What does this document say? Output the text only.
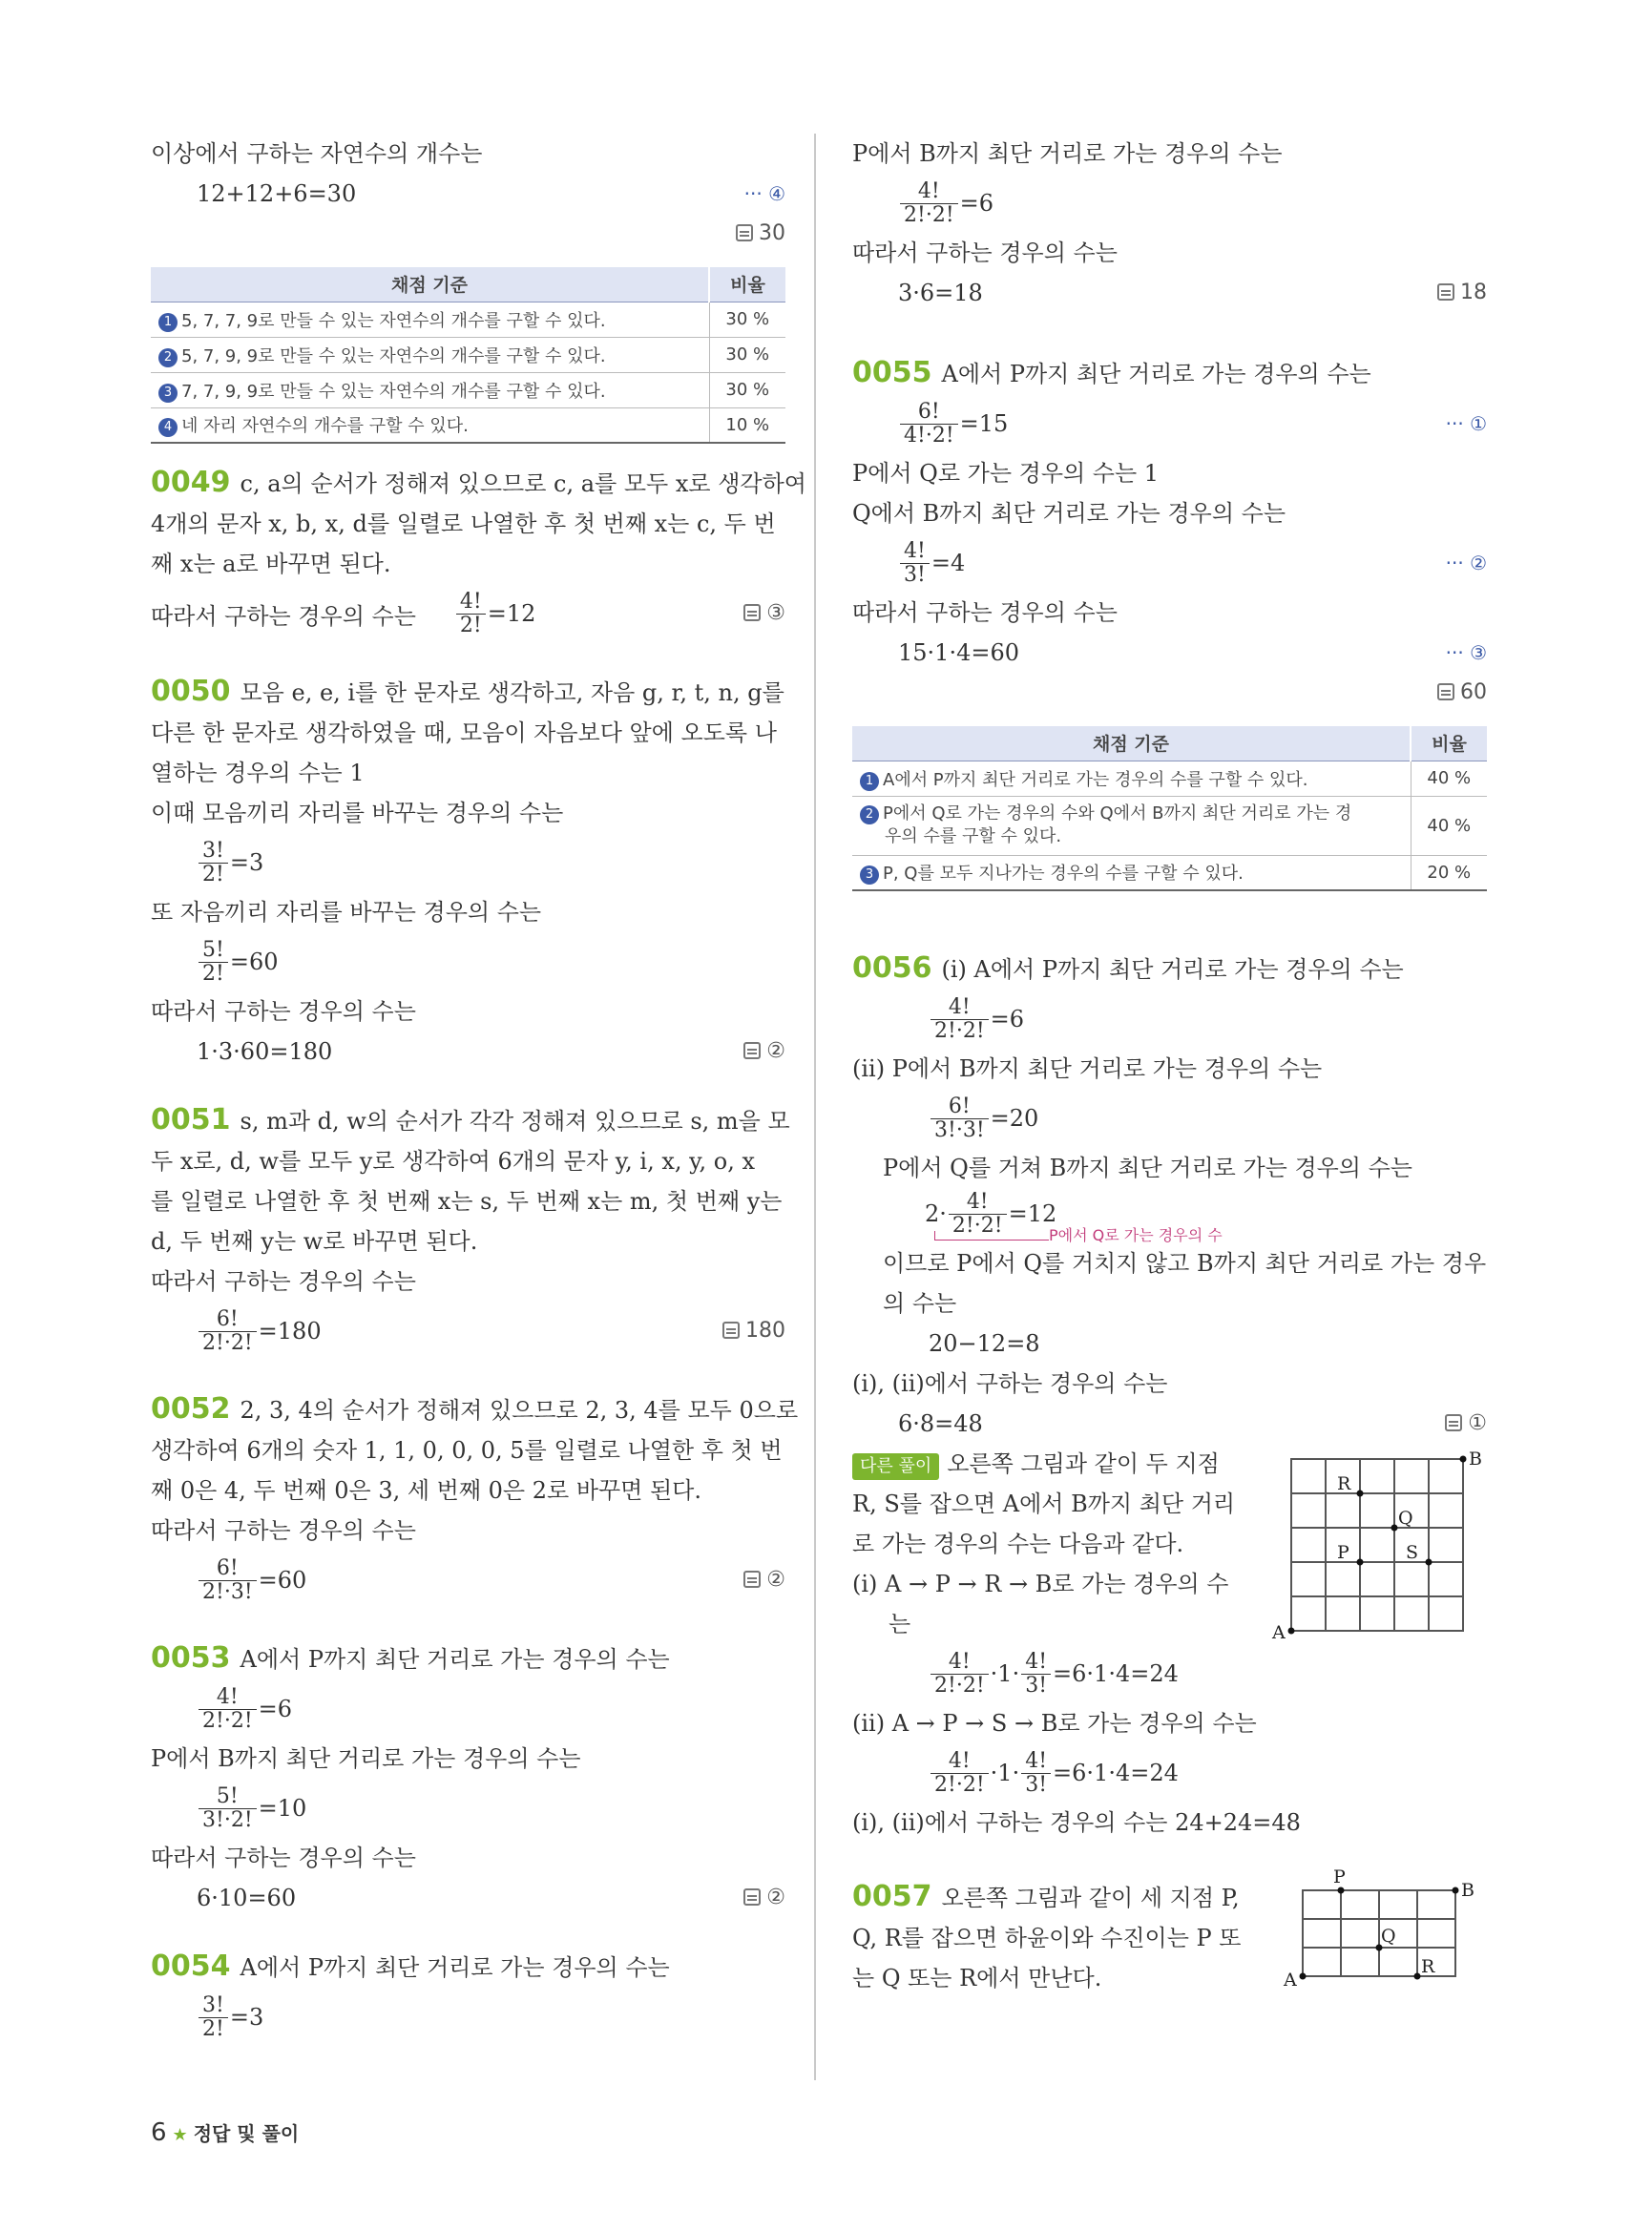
이상에서 구하는 자연수의 개수는
12+12+6=30	··· ④
30
채점 기준	비율
1 5, 7, 7, 9로 만들 수 있는 자연수의 개수를 구할 수 있다.	30 %
2 5, 7, 9, 9로 만들 수 있는 자연수의 개수를 구할 수 있다.	30 %
3 7, 7, 9, 9로 만들 수 있는 자연수의 개수를 구할 수 있다.	30 %
4 네 자리 자연수의 개수를 구할 수 있다.	10 %
0049 c, a의 순서가 정해져 있으므로 c, a를 모두 x로 생각하여
4개의 문자 x, b, x, d를 일렬로 나열한 후 첫 번째 x는 c, 두 번
째 x는 a로 바꾸면 된다.
따라서 구하는 경우의 수는 $\frac{4!}{2!} =12$	③
0050 모음 e, e, i를 한 문자로 생각하고, 자음 g, r, t, n, g를
다른 한 문자로 생각하였을 때, 모음이 자음보다 앞에 오도록 나
열하는 경우의 수는 1
이때 모음끼리 자리를 바꾸는 경우의 수는
$\frac{3!}{2!} =3$
또 자음끼리 자리를 바꾸는 경우의 수는
$\frac{5!}{2!} =60$
따라서 구하는 경우의 수는
1·3·60=180	②
0051 s, m과 d, w의 순서가 각각 정해져 있으므로 s, m을 모
두 x로, d, w를 모두 y로 생각하여 6개의 문자 y, i, x, y, o, x
를 일렬로 나열한 후 첫 번째 x는 s, 두 번째 x는 m, 첫 번째 y는
d, 두 번째 y는 w로 바꾸면 된다.
따라서 구하는 경우의 수는
$\frac{6!}{2!\cdot 2!} =180$	180
0052 2, 3, 4의 순서가 정해져 있으므로 2, 3, 4를 모두 0으로
생각하여 6개의 숫자 1, 1, 0, 0, 0, 5를 일렬로 나열한 후 첫 번
째 0은 4, 두 번째 0은 3, 세 번째 0은 2로 바꾸면 된다.
따라서 구하는 경우의 수는
$\frac{6!}{2!\cdot 3!} =60$	②
0053 A에서 P까지 최단 거리로 가는 경우의 수는
$\frac{4!}{2!\cdot 2!} =6$
P에서 B까지 최단 거리로 가는 경우의 수는
$\frac{5!}{3!\cdot 2!} =10$
따라서 구하는 경우의 수는
6·10=60	②
0054 A에서 P까지 최단 거리로 가는 경우의 수는
$\frac{3!}{2!} =3$
P에서 B까지 최단 거리로 가는 경우의 수는
$\frac{4!}{2!\cdot 2!} =6$
따라서 구하는 경우의 수는
3·6=18	18
0055 A에서 P까지 최단 거리로 가는 경우의 수는
$\frac{6!}{4!\cdot 2!} =15$	··· ①
P에서 Q로 가는 경우의 수는 1
Q에서 B까지 최단 거리로 가는 경우의 수는
$\frac{4!}{3!} =4$	··· ②
따라서 구하는 경우의 수는
15·1·4=60	··· ③
60
채점 기준	비율
1 A에서 P까지 최단 거리로 가는 경우의 수를 구할 수 있다.	40 %
2 P에서 Q로 가는 경우의 수와 Q에서 B까지 최단 거리로 가는 경
우의 수를 구할 수 있다.	40 %
3 P, Q를 모두 지나가는 경우의 수를 구할 수 있다.	20 %
0056 (i) A에서 P까지 최단 거리로 가는 경우의 수는
$\frac{4!}{2!\cdot 2!} =6$
(ii) P에서 B까지 최단 거리로 가는 경우의 수는
$\frac{6!}{3!\cdot 3!} =20$
P에서 Q를 거쳐 B까지 최단 거리로 가는 경우의 수는
$2\cdot \frac{4!}{2!\cdot 2!} =12$
P에서 Q로 가는 경우의 수
이므로 P에서 Q를 거치지 않고 B까지 최단 거리로 가는 경우
의 수는
20−12=8
(i), (ii)에서 구하는 경우의 수는
6·8=48	①
다른 풀이 오른쪽 그림과 같이 두 지점
R, S를 잡으면 A에서 B까지 최단 거리
로 가는 경우의 수는 다음과 같다.
(i) A → P → R → B로 가는 경우의 수
는	A
B
P
R
Q
S
$\frac{4!}{2!\cdot 2!} \cdot 1\cdot \frac{4!}{3!} =6\cdot 1\cdot 4=24$
(ii) A → P → S → B로 가는 경우의 수는
$\frac{4!}{2!\cdot 2!} \cdot 1\cdot \frac{4!}{3!} =6\cdot 1\cdot 4=24$
(i), (ii)에서 구하는 경우의 수는 24+24=48
0057 오른쪽 그림과 같이 세 지점 P,
Q, R를 잡으면 하윤이와 수진이는 P 또
는 Q 또는 R에서 만난다.	A
B
P
Q
R
6 ★ 정답 및 풀이
